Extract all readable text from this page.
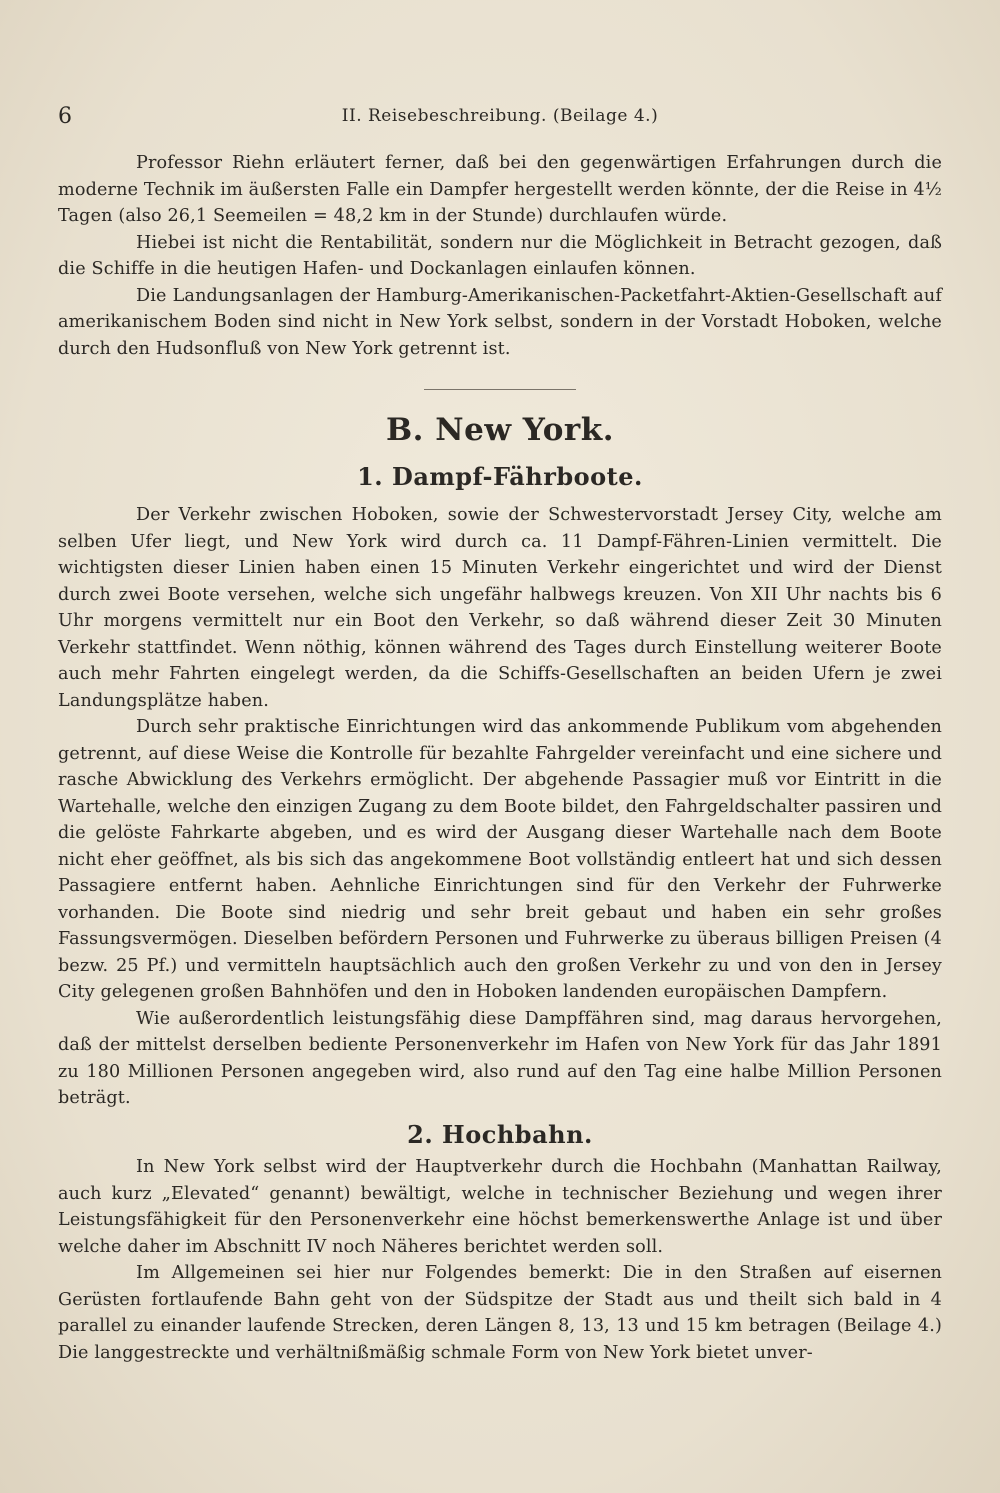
6	II. Reisebeschreibung. (Beilage 4.)

Professor Riehn erläutert ferner, daß bei den gegenwärtigen Erfahrungen durch die moderne Technik im äußersten Falle ein Dampfer hergestellt werden könnte, der die Reise in 4½ Tagen (also 26,1 Seemeilen = 48,2 km in der Stunde) durchlaufen würde.

Hiebei ist nicht die Rentabilität, sondern nur die Möglichkeit in Betracht gezogen, daß die Schiffe in die heutigen Hafen- und Dockanlagen einlaufen können.

Die Landungsanlagen der Hamburg-Amerikanischen-Packetfahrt-Aktien-Gesellschaft auf amerikanischem Boden sind nicht in New York selbst, sondern in der Vorstadt Hoboken, welche durch den Hudsonfluß von New York getrennt ist.

B. New York.
1. Dampf-Fährboote.

Der Verkehr zwischen Hoboken, sowie der Schwestervorstadt Jersey City, welche am selben Ufer liegt, und New York wird durch ca. 11 Dampf-Fähren-Linien vermittelt. Die wichtigsten dieser Linien haben einen 15 Minuten Verkehr eingerichtet und wird der Dienst durch zwei Boote versehen, welche sich ungefähr halbwegs kreuzen. Von XII Uhr nachts bis 6 Uhr morgens vermittelt nur ein Boot den Verkehr, so daß während dieser Zeit 30 Minuten Verkehr stattfindet. Wenn nöthig, können während des Tages durch Einstellung weiterer Boote auch mehr Fahrten eingelegt werden, da die Schiffs-Gesellschaften an beiden Ufern je zwei Landungsplätze haben.

Durch sehr praktische Einrichtungen wird das ankommende Publikum vom abgehenden getrennt, auf diese Weise die Kontrolle für bezahlte Fahrgelder vereinfacht und eine sichere und rasche Abwicklung des Verkehrs ermöglicht. Der abgehende Passagier muß vor Eintritt in die Wartehalle, welche den einzigen Zugang zu dem Boote bildet, den Fahrgeldschalter passiren und die gelöste Fahrkarte abgeben, und es wird der Ausgang dieser Wartehalle nach dem Boote nicht eher geöffnet, als bis sich das angekommene Boot vollständig entleert hat und sich dessen Passagiere entfernt haben. Aehnliche Einrichtungen sind für den Verkehr der Fuhrwerke vorhanden. Die Boote sind niedrig und sehr breit gebaut und haben ein sehr großes Fassungsvermögen. Dieselben befördern Personen und Fuhrwerke zu überaus billigen Preisen (4 bezw. 25 Pf.) und vermitteln hauptsächlich auch den großen Verkehr zu und von den in Jersey City gelegenen großen Bahnhöfen und den in Hoboken landenden europäischen Dampfern.

Wie außerordentlich leistungsfähig diese Dampffähren sind, mag daraus hervorgehen, daß der mittelst derselben bediente Personenverkehr im Hafen von New York für das Jahr 1891 zu 180 Millionen Personen angegeben wird, also rund auf den Tag eine halbe Million Personen beträgt.

2. Hochbahn.

In New York selbst wird der Hauptverkehr durch die Hochbahn (Manhattan Railway, auch kurz „Elevated“ genannt) bewältigt, welche in technischer Beziehung und wegen ihrer Leistungsfähigkeit für den Personenverkehr eine höchst bemerkenswerthe Anlage ist und über welche daher im Abschnitt IV noch Näheres berichtet werden soll.

Im Allgemeinen sei hier nur Folgendes bemerkt: Die in den Straßen auf eisernen Gerüsten fortlaufende Bahn geht von der Südspitze der Stadt aus und theilt sich bald in 4 parallel zu einander laufende Strecken, deren Längen 8, 13, 13 und 15 km betragen (Beilage 4.) Die langgestreckte und verhältnißmäßig schmale Form von New York bietet unver-
